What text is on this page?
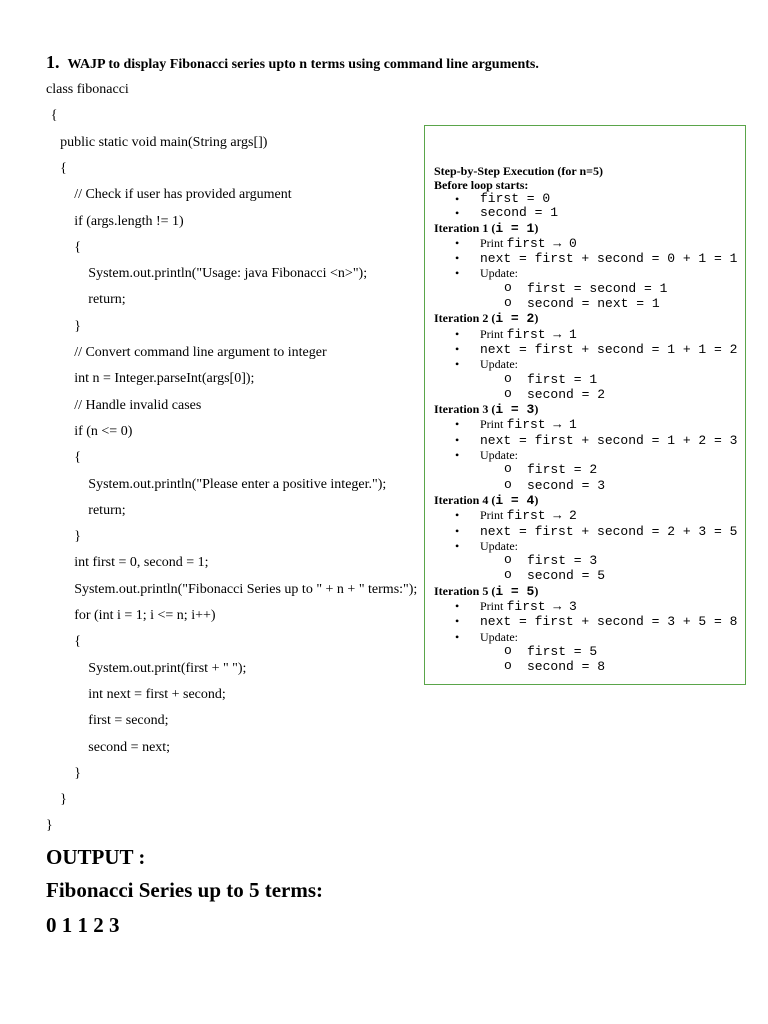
1. WAJP to display Fibonacci series upto n terms using command line arguments.
class fibonacci
{
public static void main(String args[])
{
// Check if user has provided argument
if (args.length != 1)
{
System.out.println("Usage: java Fibonacci <n>");
return;
}
// Convert command line argument to integer
int n = Integer.parseInt(args[0]);
// Handle invalid cases
if (n <= 0)
{
System.out.println("Please enter a positive integer.");
return;
}
int first = 0, second = 1;
System.out.println("Fibonacci Series up to " + n + " terms:");
for (int i = 1; i <= n; i++)
{
System.out.print(first + " ");
int next = first + second;
first = second;
second = next;
}
}
}
Step-by-Step Execution (for n=5)
Before loop starts:
• first = 0
• second = 1
Iteration 1 (i = 1)
• Print first → 0
• next = first + second = 0 + 1 = 1
• Update:
o first = second = 1
o second = next = 1
Iteration 2 (i = 2)
• Print first → 1
• next = first + second = 1 + 1 = 2
• Update:
o first = 1
o second = 2
Iteration 3 (i = 3)
• Print first → 1
• next = first + second = 1 + 2 = 3
• Update:
o first = 2
o second = 3
Iteration 4 (i = 4)
• Print first → 2
• next = first + second = 2 + 3 = 5
• Update:
o first = 3
o second = 5
Iteration 5 (i = 5)
• Print first → 3
• next = first + second = 3 + 5 = 8
• Update:
o first = 5
o second = 8
OUTPUT :
Fibonacci Series up to 5 terms:
0 1 1 2 3
